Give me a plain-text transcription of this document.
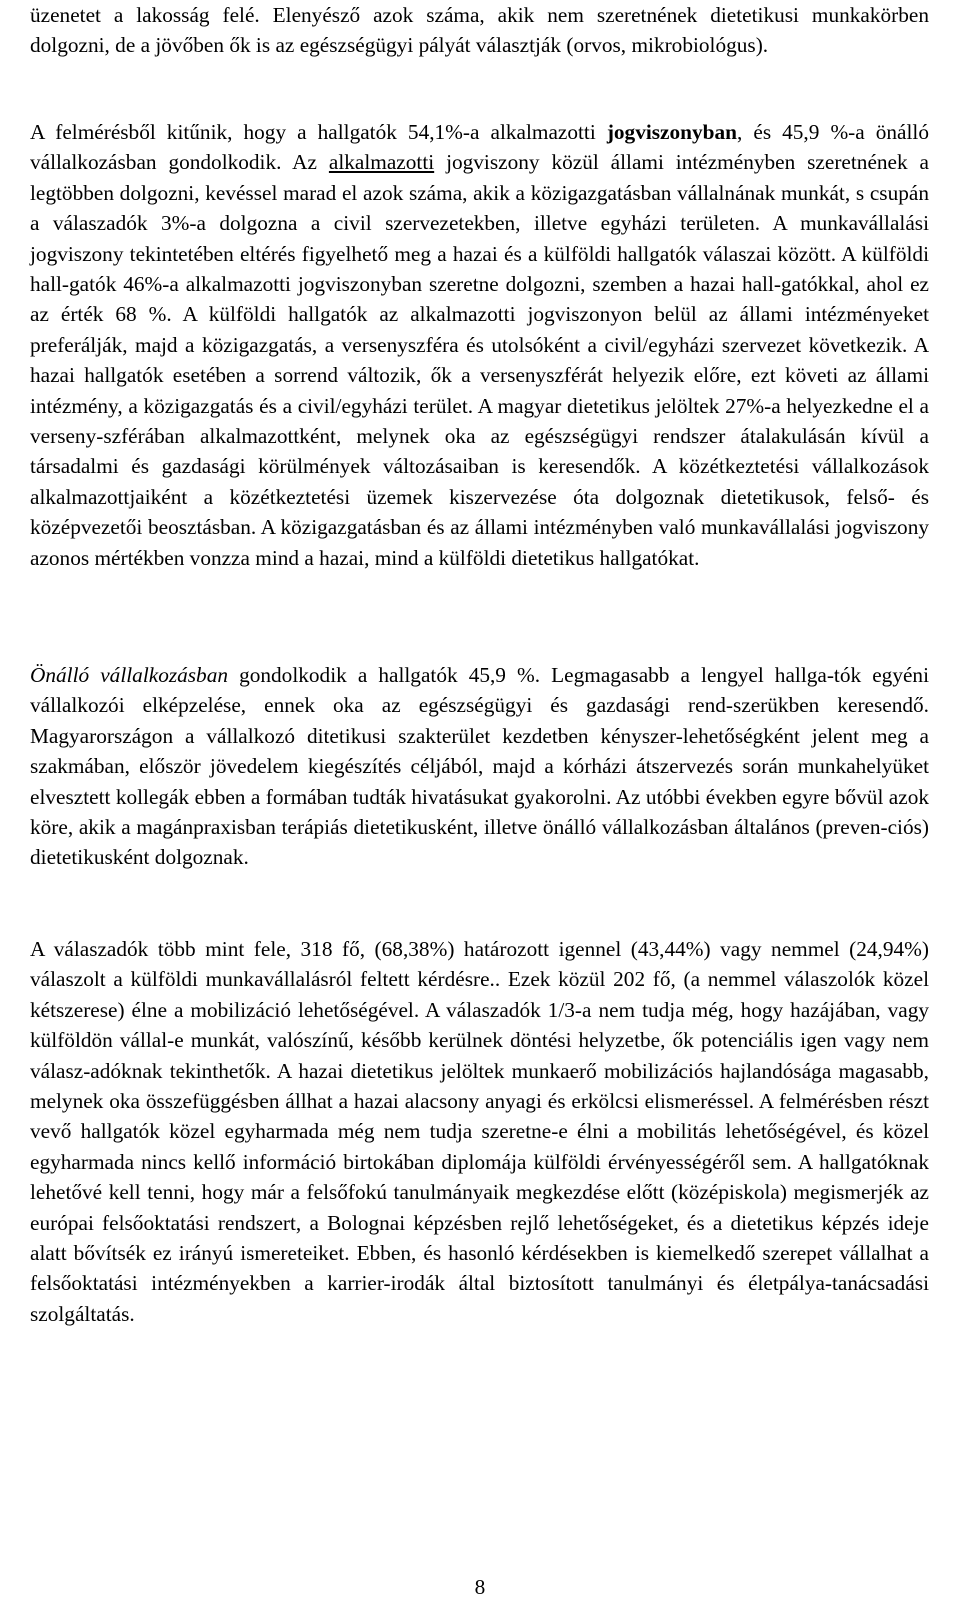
üzenetet a lakosság felé. Elenyésző azok száma, akik nem szeretnének dietetikusi munkakörben dolgozni, de a jövőben ők is az egészségügyi pályát választják (orvos, mikrobiológus).

A felmérésből kitűnik, hogy a hallgatók 54,1%-a alkalmazotti jogviszonyban, és 45,9 %-a önálló vállalkozásban gondolkodik. Az alkalmazotti jogviszony közül állami intézményben szeretnének a legtöbben dolgozni, kevéssel marad el azok száma, akik a közigazgatásban vállalnának munkát, s csupán a válaszadók 3%-a dolgozna a civil szervezetekben, illetve egyházi területen. A munkavállalási jogviszony tekintetében eltérés figyelhető meg a hazai és a külföldi hallgatók válaszai között. A külföldi hall-gatók 46%-a alkalmazotti jogviszonyban szeretne dolgozni, szemben a hazai hall-gatókkal, ahol ez az érték 68 %. A külföldi hallgatók az alkalmazotti jogviszonyon belül az állami intézményeket preferálják, majd a közigazgatás, a versenyszféra és utolsóként a civil/egyházi szervezet következik. A hazai hallgatók esetében a sorrend változik, ők a versenyszférát helyezik előre, ezt követi az állami intézmény, a közigazgatás és a civil/egyházi terület. A magyar dietetikus jelöltek 27%-a helyezkedne el a verseny-szférában alkalmazottként, melynek oka az egészségügyi rendszer átalakulásán kívül a társadalmi és gazdasági körülmények változásaiban is keresendők. A közétkeztetési vállalkozások alkalmazottjaiként a közétkeztetési üzemek kiszervezése óta dolgoznak dietetikusok, felső- és középvezetői beosztásban. A közigazgatásban és az állami intézményben való munkavállalási jogviszony azonos mértékben vonzza mind a hazai, mind a külföldi dietetikus hallgatókat.

Önálló vállalkozásban gondolkodik a hallgatók 45,9 %. Legmagasabb a lengyel hallga-tók egyéni vállalkozói elképzelése, ennek oka az egészségügyi és gazdasági rend-szerükben keresendő. Magyarországon a vállalkozó ditetikusi szakterület kezdetben kényszer-lehetőségként jelent meg a szakmában, először jövedelem kiegészítés céljából, majd a kórházi átszervezés során munkahelyüket elvesztett kollegák ebben a formában tudták hivatásukat gyakorolni. Az utóbbi években egyre bővül azok köre, akik a magánpraxisban terápiás dietetikusként, illetve önálló vállalkozásban általános (preven-ciós) dietetikusként dolgoznak.

A válaszadók több mint fele, 318 fő, (68,38%) határozott igennel (43,44%) vagy nemmel (24,94%) válaszolt a külföldi munkavállalásról feltett kérdésre.. Ezek közül 202 fő, (a nemmel válaszolók közel kétszerese) élne a mobilizáció lehetőségével. A válaszadók 1/3-a nem tudja még, hogy hazájában, vagy külföldön vállal-e munkát, valószínű, később kerülnek döntési helyzetbe, ők potenciális igen vagy nem válasz-adóknak tekinthetők. A hazai dietetikus jelöltek munkaerő mobilizációs hajlandósága magasabb, melynek oka összefüggésben állhat a hazai alacsony anyagi és erkölcsi elismeréssel. A felmérésben részt vevő hallgatók közel egyharmada még nem tudja szeretne-e élni a mobilitás lehetőségével, és közel egyharmada nincs kellő információ birtokában diplomája külföldi érvényességéről sem. A hallgatóknak lehetővé kell tenni, hogy már a felsőfokú tanulmányaik megkezdése előtt (középiskola) megismerjék az európai felsőoktatási rendszert, a Bolognai képzésben rejlő lehetőségeket, és a dietetikus képzés ideje alatt bővítsék ez irányú ismereteiket. Ebben, és hasonló kérdésekben is kiemelkedő szerepet vállalhat a felsőoktatási intézményekben a karrier-irodák által biztosított tanulmányi és életpálya-tanácsadási szolgáltatás.

8
